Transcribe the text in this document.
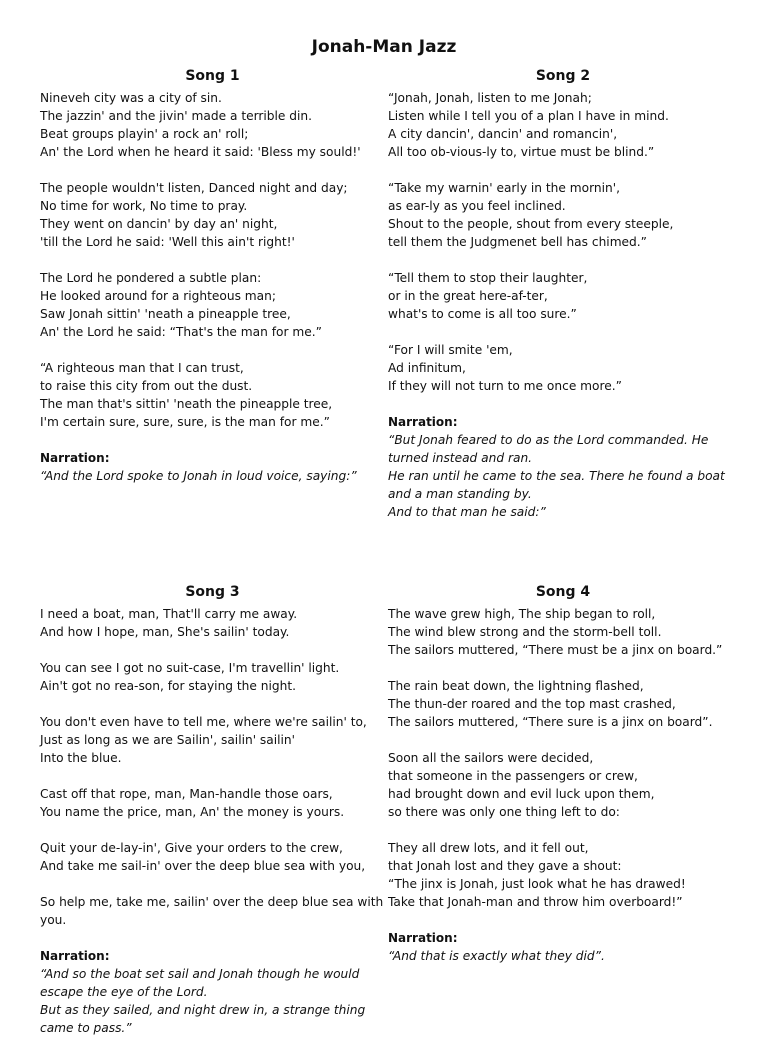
Jonah-Man Jazz
Song 1
Nineveh city was a city of sin.
The jazzin' and the jivin' made a terrible din.
Beat groups playin' a rock an' roll;
An' the Lord when he heard it said: 'Bless my sould!'
The people wouldn't listen, Danced night and day;
No time for work, No time to pray.
They went on dancin' by day an' night,
'till the Lord he said: 'Well this ain't right!'
The Lord he pondered a subtle plan:
He looked around for a righteous man;
Saw Jonah sittin' 'neath a pineapple tree,
An' the Lord he said: “That's the man for me.”
“A righteous man that I can trust,
to raise this city from out the dust.
The man that's sittin' 'neath the pineapple tree,
I'm certain sure, sure, sure, is the man for me.”
Narration:
“And the Lord spoke to Jonah in loud voice, saying:”
Song 2
“Jonah, Jonah, listen to me Jonah;
Listen while I tell you of a plan I have in mind.
A city dancin', dancin' and romancin',
All too ob-vious-ly to, virtue must be blind.”
“Take my warnin' early in the mornin',
as ear-ly as you feel inclined.
Shout to the people, shout from every steeple,
tell them the Judgmenet bell has chimed.”
“Tell them to stop their laughter,
or in the great here-af-ter,
what's to come is all too sure.”
“For I will smite 'em,
Ad infinitum,
If they will not turn to me once more.”
Narration:
“But Jonah feared to do as the Lord commanded. He
turned instead and ran.
He ran until he came to the sea. There he found a boat
and a man standing by.
And to that man he said:”
Song 3
I need a boat, man, That'll carry me away.
And how I hope, man, She's sailin' today.
You can see I got no suit-case, I'm travellin' light.
Ain't got no rea-son, for staying the night.
You don't even have to tell me, where we're sailin' to,
Just as long as we are Sailin', sailin' sailin'
Into the blue.
Cast off that rope, man, Man-handle those oars,
You name the price, man, An' the money is yours.
Quit your de-lay-in', Give your orders to the crew,
And take me sail-in' over the deep blue sea with you,
So help me, take me, sailin' over the deep blue sea with
you.
Narration:
“And so the boat set sail and Jonah though he would
escape the eye of the Lord.
But as they sailed, and night drew in, a strange thing
came to pass.”
Song 4
The wave grew high, The ship began to roll,
The wind blew strong and the storm-bell toll.
The sailors muttered, “There must be a jinx on board.”
The rain beat down, the lightning flashed,
The thun-der roared and the top mast crashed,
The sailors muttered, “There sure is a jinx on board”.
Soon all the sailors were decided,
that someone in the passengers or crew,
had brought down and evil luck upon them,
so there was only one thing left to do:
They all drew lots, and it fell out,
that Jonah lost and they gave a shout:
“The jinx is Jonah, just look what he has drawed!
Take that Jonah-man and throw him overboard!”
Narration:
“And that is exactly what they did”.
